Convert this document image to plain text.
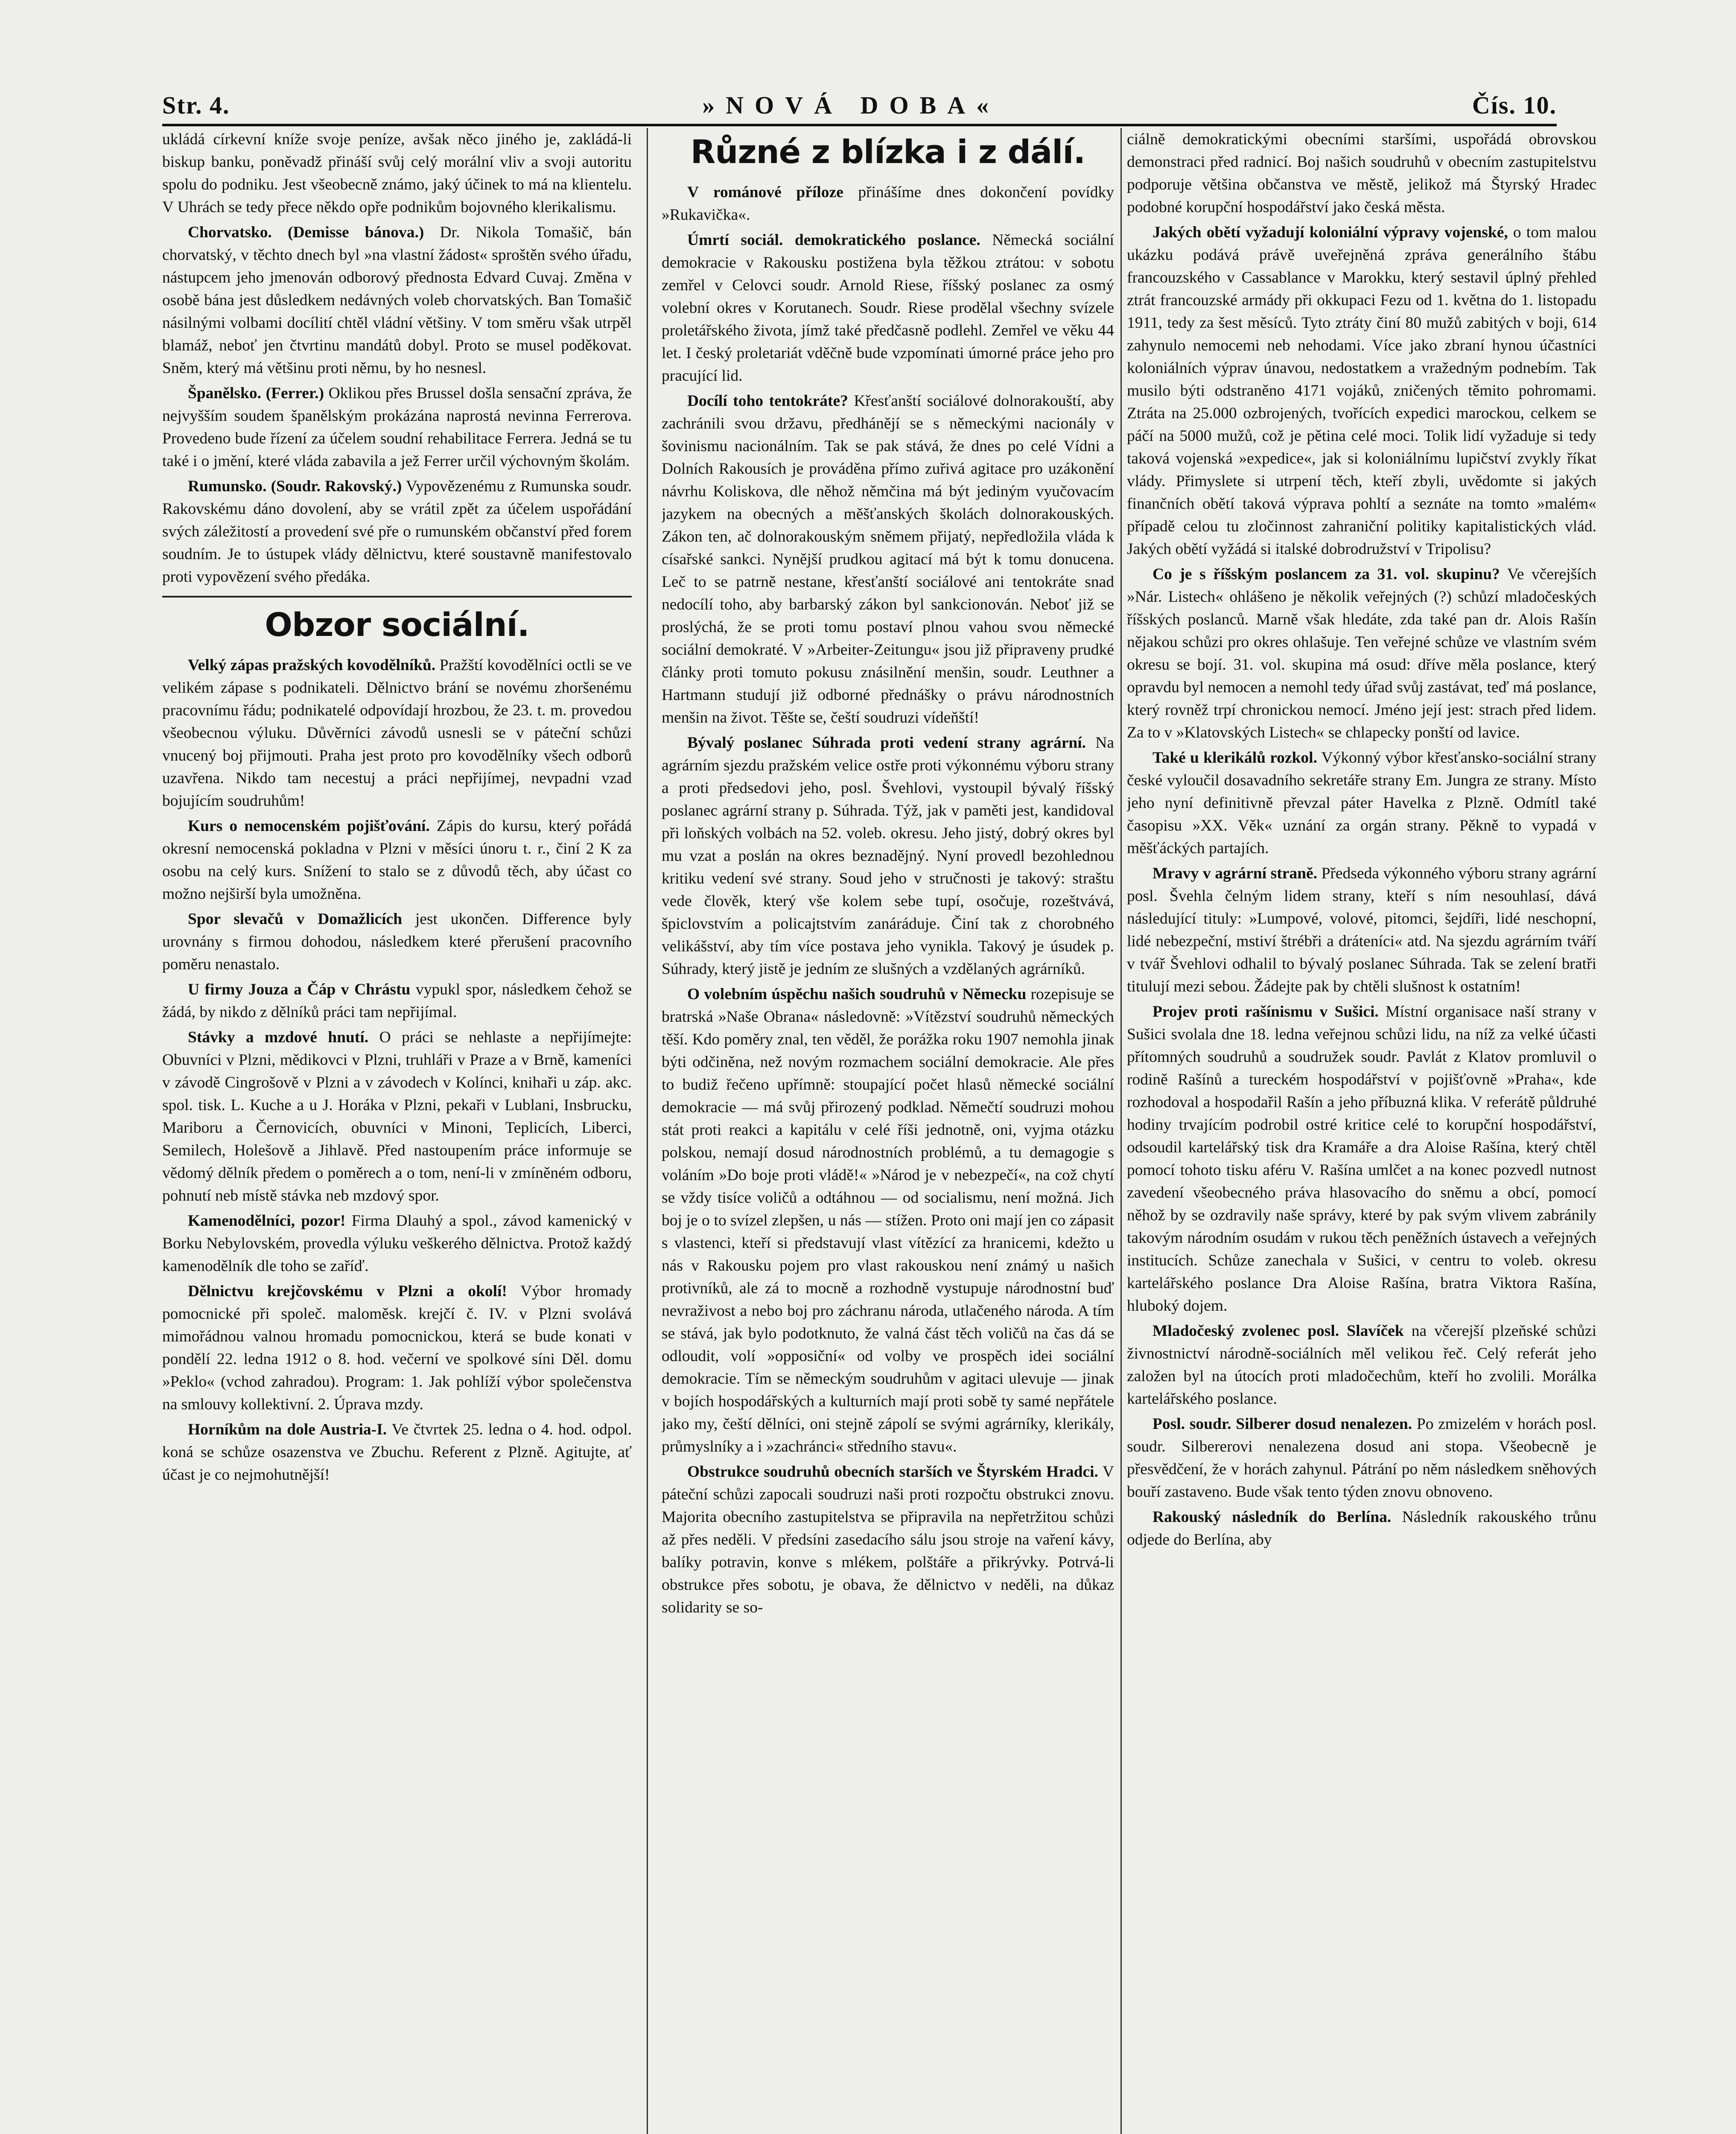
Str. 4.	»NOVÁ DOBA«	Čís. 10.

ukládá církevní kníže svoje peníze, avšak něco jiného je, zakládá-li biskup banku, poněvadž přináší svůj celý morální vliv a svoji autoritu spolu do podniku. Jest všeobecně známo, jaký účinek to má na klientelu. V Uhrách se tedy přece někdo opře podnikům bojovného klerikalismu.

Chorvatsko. (Demisse bánova.) Dr. Nikola Tomašič, bán chorvatský, v těchto dnech byl »na vlastní žádost« sproštěn svého úřadu, nástupcem jeho jmenován odborový přednosta Edvard Cuvaj. Změna v osobě bána jest důsledkem nedávných voleb chorvatských. Ban Tomašič násilnými volbami docílití chtěl vládní většiny. V tom směru však utrpěl blamáž, neboť jen čtvrtinu mandátů dobyl. Proto se musel poděkovat. Sněm, který má většinu proti němu, by ho nesnesl.

Španělsko. (Ferrer.) Oklikou přes Brussel došla sensační zpráva, že nejvyšším soudem španělským prokázána naprostá nevinna Ferrerova. Provedeno bude řízení za účelem soudní rehabilitace Ferrera. Jedná se tu také i o jmění, které vláda zabavila a jež Ferrer určil výchovným školám.

Rumunsko. (Soudr. Rakovský.) Vypovězenému z Rumunska soudr. Rakovskému dáno dovolení, aby se vrátil zpět za účelem uspořádání svých záležitostí a provedení své pře o rumunském občanství před forem soudním. Je to ústupek vlády dělnictvu, které soustavně manifestovalo proti vypovězení svého předáka.

Obzor sociální.

Velký zápas pražských kovodělníků. Pražští kovodělníci octli se ve velikém zápase s podnikateli. Dělnictvo brání se novému zhoršenému pracovnímu řádu; podnikatelé odpovídají hrozbou, že 23. t. m. provedou všeobecnou výluku. Důvěrníci závodů usnesli se v páteční schůzi vnucený boj přijmouti. Praha jest proto pro kovodělníky všech odborů uzavřena. Nikdo tam necestuj a práci nepřijímej, nevpadni vzad bojujícím soudruhům!

Kurs o nemocenském pojišťování. Zápis do kursu, který pořádá okresní nemocenská pokladna v Plzni v měsíci únoru t. r., činí 2 K za osobu na celý kurs. Snížení to stalo se z důvodů těch, aby účast co možno nejširší byla umožněna.

Spor slevačů v Domažlicích jest ukončen. Difference byly urovnány s firmou dohodou, následkem které přerušení pracovního poměru nenastalo.

U firmy Jouza a Čáp v Chrástu vypukl spor, následkem čehož se žádá, by nikdo z dělníků práci tam nepřijímal.

Stávky a mzdové hnutí. O práci se nehlaste a nepřijímejte: Obuvníci v Plzni, mědikovci v Plzni, truhláři v Praze a v Brně, kameníci v závodě Cingrošově v Plzni a v závodech v Kolínci, knihaři u záp. akc. spol. tisk. L. Kuche a u J. Horáka v Plzni, pekaři v Lublani, Insbrucku, Mariboru a Černovicích, obuvníci v Minoni, Teplicích, Liberci, Semilech, Holešově a Jihlavě. Před nastoupením práce informuje se vědomý dělník předem o poměrech a o tom, není-li v zmíněném odboru, pohnutí neb místě stávka neb mzdový spor.

Kamenodělníci, pozor! Firma Dlauhý a spol., závod kamenický v Borku Nebylovském, provedla výluku veškerého dělnictva. Protož každý kamenodělník dle toho se zaříď.

Dělnictvu krejčovskému v Plzni a okolí! Výbor hromady pomocnické při společ. maloměsk. krejčí č. IV. v Plzni svolává mimořádnou valnou hromadu pomocnickou, která se bude konati v pondělí 22. ledna 1912 o 8. hod. večerní ve spolkové síni Děl. domu »Peklo« (vchod zahradou). Program: 1. Jak pohlíží výbor společenstva na smlouvy kollektivní. 2. Úprava mzdy.

Horníkům na dole Austria-I. Ve čtvrtek 25. ledna o 4. hod. odpol. koná se schůze osazenstva ve Zbuchu. Referent z Plzně. Agitujte, ať účast je co nejmohutnější!

Různé z blízka i z dálí.

V románové příloze přinášíme dnes dokončení povídky »Rukavička«.

Úmrtí sociál. demokratického poslance. Německá sociální demokracie v Rakousku postižena byla těžkou ztrátou: v sobotu zemřel v Celovci soudr. Arnold Riese, říšský poslanec za osmý volební okres v Korutanech. Soudr. Riese prodělal všechny svízele proletářského života, jímž také předčasně podlehl. Zemřel ve věku 44 let. I český proletariát vděčně bude vzpomínati úmorné práce jeho pro pracující lid.

Docílí toho tentokráte? Křesťanští sociálové dolnorakouští, aby zachránili svou državu, předhánějí se s německými nacionály v šovinismu nacionálním. Tak se pak stává, že dnes po celé Vídni a Dolních Rakousích je prováděna přímo zuřivá agitace pro uzákonění návrhu Koliskova, dle něhož němčina má být jediným vyučovacím jazykem na obecných a měšťanských školách dolnorakouských. Zákon ten, ač dolnorakouským sněmem přijatý, nepředložila vláda k císařské sankci. Nynější prudkou agitací má být k tomu donucena. Leč to se patrně nestane, křesťanští sociálové ani tentokráte snad nedocílí toho, aby barbarský zákon byl sankcionován. Neboť již se proslýchá, že se proti tomu postaví plnou vahou svou německé sociální demokraté. V »Arbeiter-Zeitungu« jsou již připraveny prudké články proti tomuto pokusu znásilnění menšin, soudr. Leuthner a Hartmann studují již odborné přednášky o právu národnostních menšin na život. Těšte se, čeští soudruzi vídeňští!

Bývalý poslanec Súhrada proti vedení strany agrární. Na agrárním sjezdu pražském velice ostře proti výkonnému výboru strany a proti předsedovi jeho, posl. Švehlovi, vystoupil bývalý říšský poslanec agrární strany p. Súhrada. Týž, jak v paměti jest, kandidoval při loňských volbách na 52. voleb. okresu. Jeho jistý, dobrý okres byl mu vzat a poslán na okres beznadějný. Nyní provedl bezohlednou kritiku vedení své strany. Soud jeho v stručnosti je takový: straštu vede člověk, který vše kolem sebe tupí, osočuje, rozeštvává, špiclovstvím a policajtstvím zanáráduje. Činí tak z chorobného velikášství, aby tím více postava jeho vynikla. Takový je úsudek p. Súhrady, který jistě je jedním ze slušných a vzdělaných agrárníků.

O volebním úspěchu našich soudruhů v Německu rozepisuje se bratrská »Naše Obrana« následovně: »Vítězství soudruhů německých těší. Kdo poměry znal, ten věděl, že porážka roku 1907 nemohla jinak býti odčiněna, než novým rozmachem sociální demokracie. Ale přes to budiž řečeno upřímně: stoupající počet hlasů německé sociální demokracie — má svůj přirozený podklad. Němečtí soudruzi mohou stát proti reakci a kapitálu v celé říši jednotně, oni, vyjma otázku polskou, nemají dosud národnostních problémů, a tu demagogie s voláním »Do boje proti vládě!« »Národ je v nebezpečí«, na což chytí se vždy tisíce voličů a odtáhnou — od socialismu, není možná. Jich boj je o to svízel zlepšen, u nás — stížen. Proto oni mají jen co zápasit s vlastenci, kteří si představují vlast vítězící za hranicemi, kdežto u nás v Rakousku pojem pro vlast rakouskou není známý u našich protivníků, ale zá to mocně a rozhodně vystupuje národnostní buď nevraživost a nebo boj pro záchranu národa, utlačeného národa. A tím se stává, jak bylo podotknuto, že valná část těch voličů na čas dá se odloudit, volí »opposiční« od volby ve prospěch idei sociální demokracie. Tím se německým soudruhům v agitaci ulevuje — jinak v bojích hospodářských a kulturních mají proti sobě ty samé nepřátele jako my, čeští dělníci, oni stejně zápolí se svými agrárníky, klerikály, průmyslníky a i »zachránci« středního stavu«.

Obstrukce soudruhů obecních starších ve Štyrském Hradci. V páteční schůzi zapocali soudruzi naši proti rozpočtu obstrukci znovu. Majorita obecního zastupitelstva se připravila na nepřetržitou schůzi až přes neděli. V předsíni zasedacího sálu jsou stroje na vaření kávy, balíky potravin, konve s mlékem, polštáře a přikrývky. Potrvá-li obstrukce přes sobotu, je obava, že dělnictvo v neděli, na důkaz solidarity se so-

ciálně demokratickými obecními staršími, uspořádá obrovskou demonstraci před radnicí. Boj našich soudruhů v obecním zastupitelstvu podporuje většina občanstva ve městě, jelikož má Štyrský Hradec podobné korupční hospodářství jako česká města.

Jakých obětí vyžadují koloniální výpravy vojenské, o tom malou ukázku podává právě uveřejněná zpráva generálního štábu francouzského v Cassablance v Marokku, který sestavil úplný přehled ztrát francouzské armády při okkupaci Fezu od 1. května do 1. listopadu 1911, tedy za šest měsíců. Tyto ztráty činí 80 mužů zabitých v boji, 614 zahynulo nemocemi neb nehodami. Více jako zbraní hynou účastníci koloniálních výprav únavou, nedostatkem a vražedným podnebím. Tak musilo býti odstraněno 4171 vojáků, zničených těmito pohromami. Ztráta na 25.000 ozbrojených, tvořících expedici marockou, celkem se páčí na 5000 mužů, což je pětina celé moci. Tolik lidí vyžaduje si tedy taková vojenská »expedice«, jak si koloniálnímu lupičství zvykly říkat vlády. Přimyslete si utrpení těch, kteří zbyli, uvědomte si jakých finančních obětí taková výprava pohltí a seznáte na tomto »malém« případě celou tu zločinnost zahraniční politiky kapitalistických vlád. Jakých obětí vyžádá si italské dobrodružství v Tripolisu?

Co je s říšským poslancem za 31. vol. skupinu? Ve včerejších »Nár. Listech« ohlášeno je několik veřejných (?) schůzí mladočeských říšských poslanců. Marně však hledáte, zda také pan dr. Alois Rašín nějakou schůzi pro okres ohlašuje. Ten veřejné schůze ve vlastním svém okresu se bojí. 31. vol. skupina má osud: dříve měla poslance, který opravdu byl nemocen a nemohl tedy úřad svůj zastávat, teď má poslance, který rovněž trpí chronickou nemocí. Jméno její jest: strach před lidem. Za to v »Klatovských Listech« se chlapecky ponští od lavice.

Také u klerikálů rozkol. Výkonný výbor křesťansko-sociální strany české vyloučil dosavadního sekretáře strany Em. Jungra ze strany. Místo jeho nyní definitivně převzal páter Havelka z Plzně. Odmítl také časopisu »XX. Věk« uznání za orgán strany. Pěkně to vypadá v měšťáckých partajích.

Mravy v agrární straně. Předseda výkonného výboru strany agrární posl. Švehla čelným lidem strany, kteří s ním nesouhlasí, dává následující tituly: »Lumpové, volové, pitomci, šejdíři, lidé neschopní, lidé nebezpeční, mstiví štrébři a dráteníci« atd. Na sjezdu agrárním tváří v tvář Švehlovi odhalil to bývalý poslanec Súhrada. Tak se zelení bratři titulují mezi sebou. Žádejte pak by chtěli slušnost k ostatním!

Projev proti rašínismu v Sušici. Místní organisace naší strany v Sušici svolala dne 18. ledna veřejnou schůzi lidu, na níž za velké účasti přítomných soudruhů a soudružek soudr. Pavlát z Klatov promluvil o rodině Rašínů a tureckém hospodářství v pojišťovně »Praha«, kde rozhodoval a hospodařil Rašín a jeho příbuzná klika. V referátě půldruhé hodiny trvajícím podrobil ostré kritice celé to korupční hospodářství, odsoudil kartelářský tisk dra Kramáře a dra Aloise Rašína, který chtěl pomocí tohoto tisku aféru V. Rašína umlčet a na konec pozvedl nutnost zavedení všeobecného práva hlasovacího do sněmu a obcí, pomocí něhož by se ozdravily naše správy, které by pak svým vlivem zabránily takovým národním osudám v rukou těch peněžních ústavech a veřejných institucích. Schůze zanechala v Sušici, v centru to voleb. okresu kartelářského poslance Dra Aloise Rašína, bratra Viktora Rašína, hluboký dojem.

Mladočeský zvolenec posl. Slavíček na včerejší plzeňské schůzi živnostnictví národně-sociálních měl velikou řeč. Celý referát jeho založen byl na útocích proti mladočechům, kteří ho zvolili. Morálka kartelářského poslance.

Posl. soudr. Silberer dosud nenalezen. Po zmizelém v horách posl. soudr. Silbererovi nenalezena dosud ani stopa. Všeobecně je přesvědčení, že v horách zahynul. Pátrání po něm následkem sněhových bouří zastaveno. Bude však tento týden znovu obnoveno.

Rakouský následník do Berlína. Následník rakouského trůnu odjede do Berlína, aby
